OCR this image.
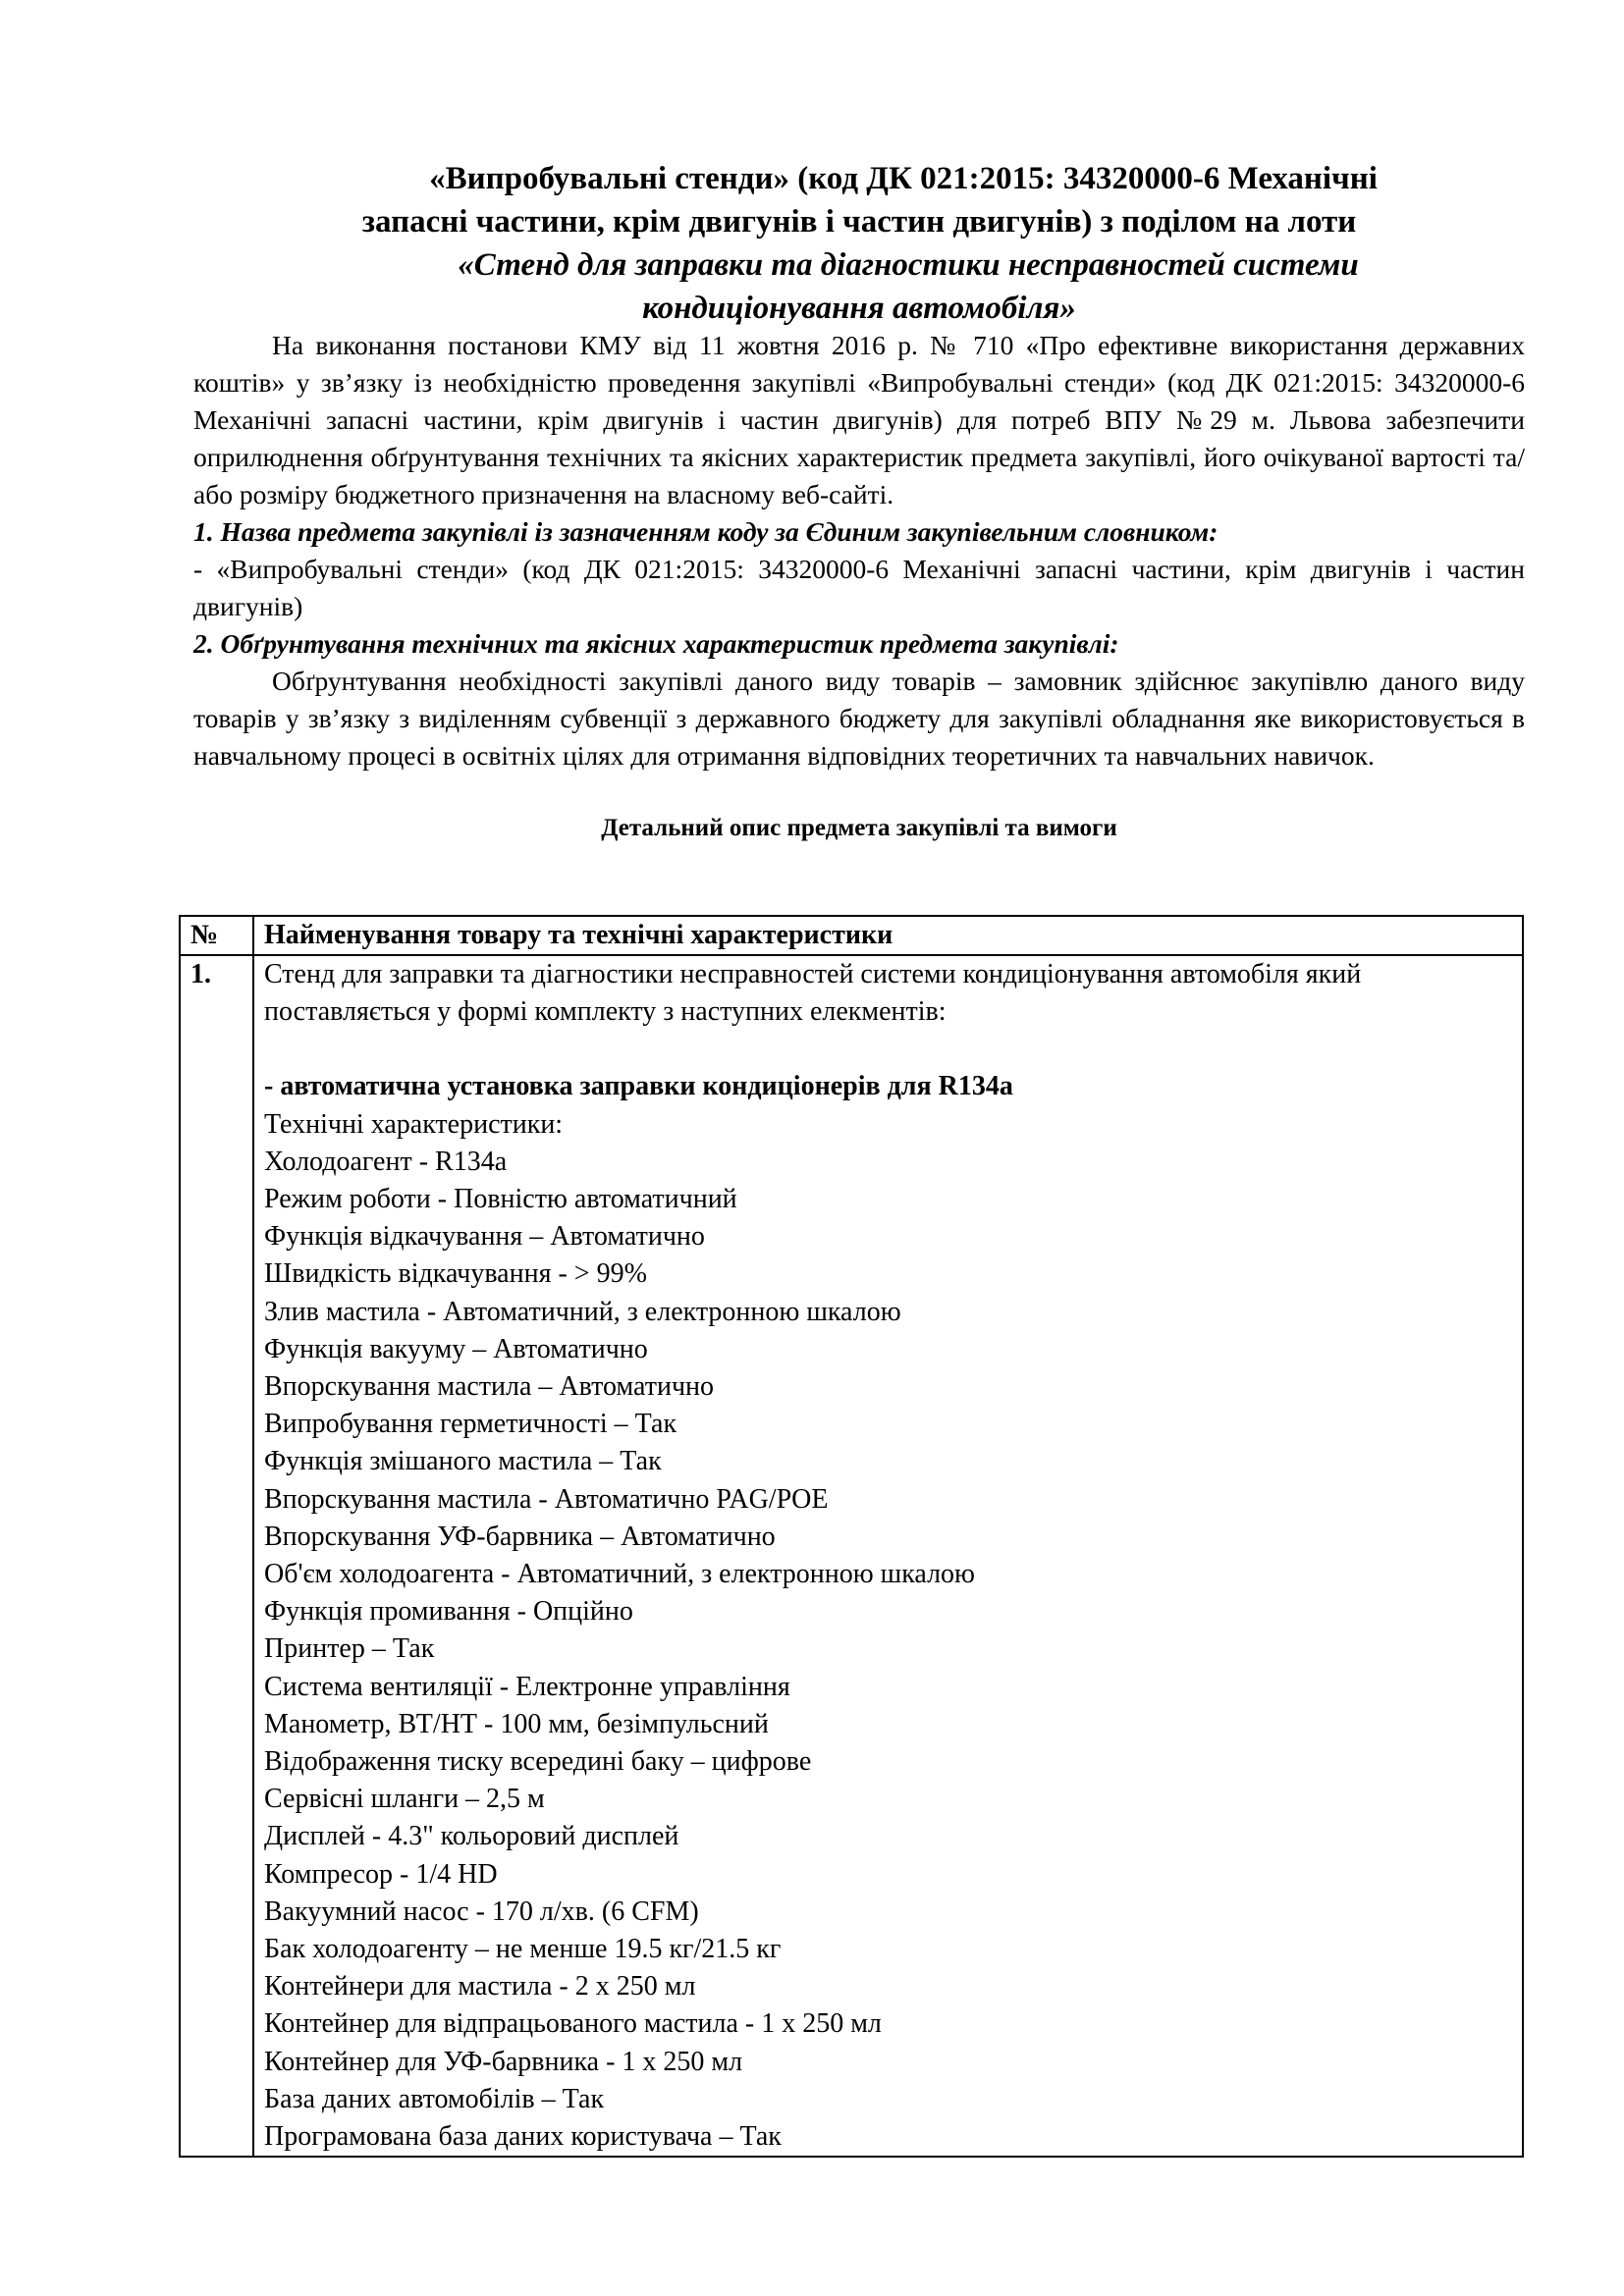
«Випробувальні стенди» (код ДК 021:2015: 34320000-6 Механічні
запасні частини, крім двигунів і частин двигунів) з поділом на лоти
«Стенд для заправки та діагностики несправностей системи
кондиціонування автомобіля»

На виконання постанови КМУ від 11 жовтня 2016 р. № 710 «Про ефективне використання державних коштів» у зв’язку із необхідністю проведення закупівлі «Випробувальні стенди» (код ДК 021:2015: 34320000-6 Механічні запасні частини, крім двигунів і частин двигунів) для потреб ВПУ №29 м. Львова забезпечити оприлюднення обґрунтування технічних та якісних характеристик предмета закупівлі, його очікуваної вартості та/або розміру бюджетного призначення на власному веб-сайті.

1. Назва предмета закупівлі із зазначенням коду за Єдиним закупівельним словником:

- «Випробувальні стенди» (код ДК 021:2015: 34320000-6 Механічні запасні частини, крім двигунів і частин двигунів)

2. Обґрунтування технічних та якісних характеристик предмета закупівлі:

Обґрунтування необхідності закупівлі даного виду товарів – замовник здійснює закупівлю даного виду товарів у зв’язку з виділенням субвенції з державного бюджету для закупівлі обладнання яке використовується в навчальному процесі в освітніх цілях для отримання відповідних теоретичних та навчальних навичок.

Детальний опис предмета закупівлі та вимоги

№	Найменування товару та технічні характеристики
1.	Стенд для заправки та діагностики несправностей системи кондиціонування автомобіля який поставляється у формі комплекту з наступних елекментів:
- автоматична установка заправки кондиціонерів для R134a
Технічні характеристики:
Холодоагент - R134a
Режим роботи - Повністю автоматичний
Функція відкачування – Автоматично
Швидкість відкачування - > 99%
Злив мастила - Автоматичний, з електронною шкалою
Функція вакууму – Автоматично
Впорскування мастила – Автоматично
Випробування герметичності – Так
Функція змішаного мастила – Так
Впорскування мастила - Автоматично PAG/POE
Впорскування УФ-барвника – Автоматично
Об'єм холодоагента - Автоматичний, з електронною шкалою
Функція промивання - Опційно
Принтер – Так
Система вентиляції - Електронне управління
Манометр, ВТ/НТ - 100 мм, безімпульсний
Відображення тиску всередині баку – цифрове
Сервісні шланги – 2,5 м
Дисплей - 4.3" кольоровий дисплей
Компресор - 1/4 HD
Вакуумний насос - 170 л/хв. (6 CFM)
Бак холодоагенту – не менше 19.5 кг/21.5 кг
Контейнери для мастила - 2 x 250 мл
Контейнер для відпрацьованого мастила - 1 x 250 мл
Контейнер для УФ-барвника - 1 x 250 мл
База даних автомобілів – Так
Програмована база даних користувача – Так
